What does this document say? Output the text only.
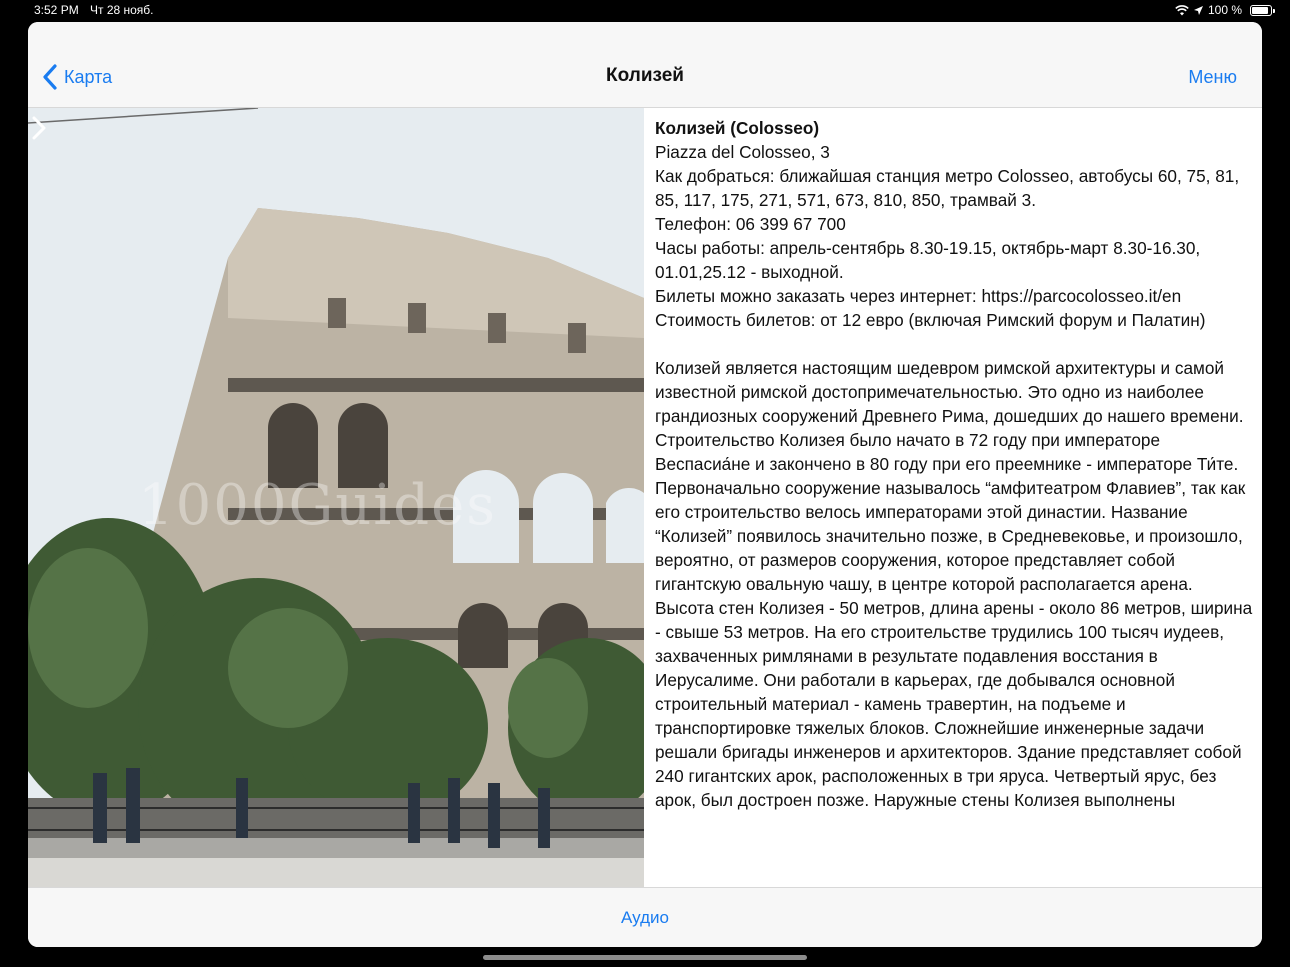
3:52 PM Чт 28 нояб.	100 %
Карта	Колизей	Меню
1000Guides

Колизей (Colosseo)

Piazza del Colosseo, 3

Как добраться: ближайшая станция метро Colosseo, автобусы 60, 75, 81, 85, 117, 175, 271, 571, 673, 810, 850, трамвай 3.

Телефон: 06 399 67 700

Часы работы: апрель-сентябрь 8.30-19.15, октябрь-март 8.30-16.30, 01.01,25.12 - выходной.

Билеты можно заказать через интернет: https://parcocolosseo.it/en

Стоимость билетов: от 12 евро (включая Римский форум и Палатин)

Колизей является настоящим шедевром римской архитектуры и самой известной римской достопримечательностью. Это одно из наиболее грандиозных сооружений Древнего Рима, дошедших до нашего времени. Строительство Колизея было начато в 72 году при императоре Веспасиа́не и закончено в 80 году при его преемнике - императоре Ти́те. Первоначально сооружение называлось “амфитеатром Флавиев”, так как его строительство велось императорами этой династии. Название “Колизей” появилось значительно позже, в Средневековье, и произошло, вероятно, от размеров сооружения, которое представляет собой гигантскую овальную чашу, в центре которой располагается арена. Высота стен Колизея - 50 метров, длина арены - около 86 метров, ширина - свыше 53 метров. На его строительстве трудились 100 тысяч иудеев, захваченных римлянами в результате подавления восстания в Иерусалиме. Они работали в карьерах, где добывался основной строительный материал - камень травертин, на подъеме и транспортировке тяжелых блоков. Сложнейшие инженерные задачи решали бригады инженеров и архитекторов. Здание представляет собой 240 гигантских арок, расположенных в три яруса. Четвертый ярус, без арок, был достроен позже. Наружные стены Колизея выполнены

Аудио
